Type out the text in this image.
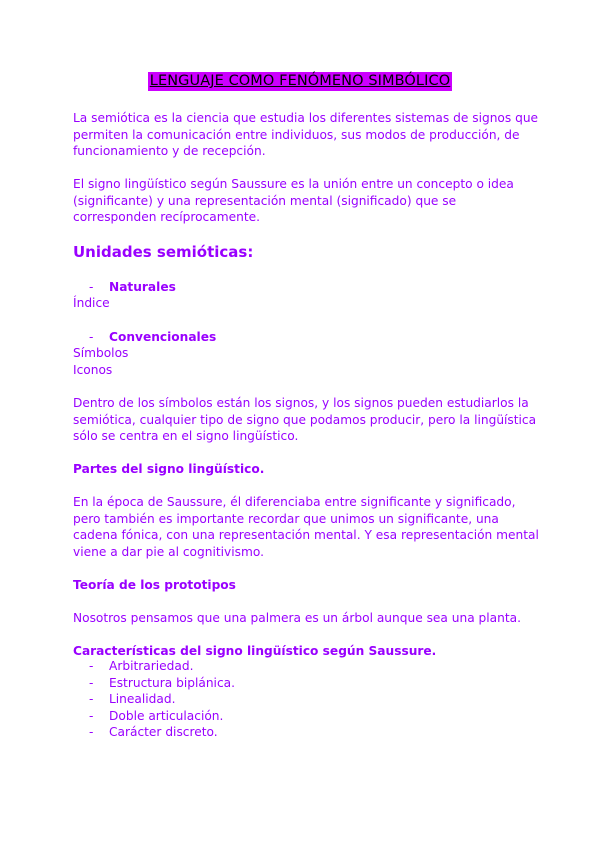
LENGUAJE COMO FENÓMENO SIMBÓLICO

La semiótica es la ciencia que estudia los diferentes sistemas de signos que permiten la comunicación entre individuos, sus modos de producción, de funcionamiento y de recepción.

El signo lingüístico según Saussure es la unión entre un concepto o idea (significante) y una representación mental (significado) que se corresponden recíprocamente.

Unidades semióticas:
- Naturales
Índice
- Convencionales
Símbolos
Iconos

Dentro de los símbolos están los signos, y los signos pueden estudiarlos la semiótica, cualquier tipo de signo que podamos producir, pero la lingüística sólo se centra en el signo lingüístico.

Partes del signo lingüístico.

En la época de Saussure, él diferenciaba entre significante y significado, pero también es importante recordar que unimos un significante, una cadena fónica, con una representación mental. Y esa representación mental viene a dar pie al cognitivismo.

Teoría de los prototipos

Nosotros pensamos que una palmera es un árbol aunque sea una planta.

Características del signo lingüístico según Saussure.
- Arbitrariedad.
- Estructura biplánica.
- Linealidad.
- Doble articulación.
- Carácter discreto.
